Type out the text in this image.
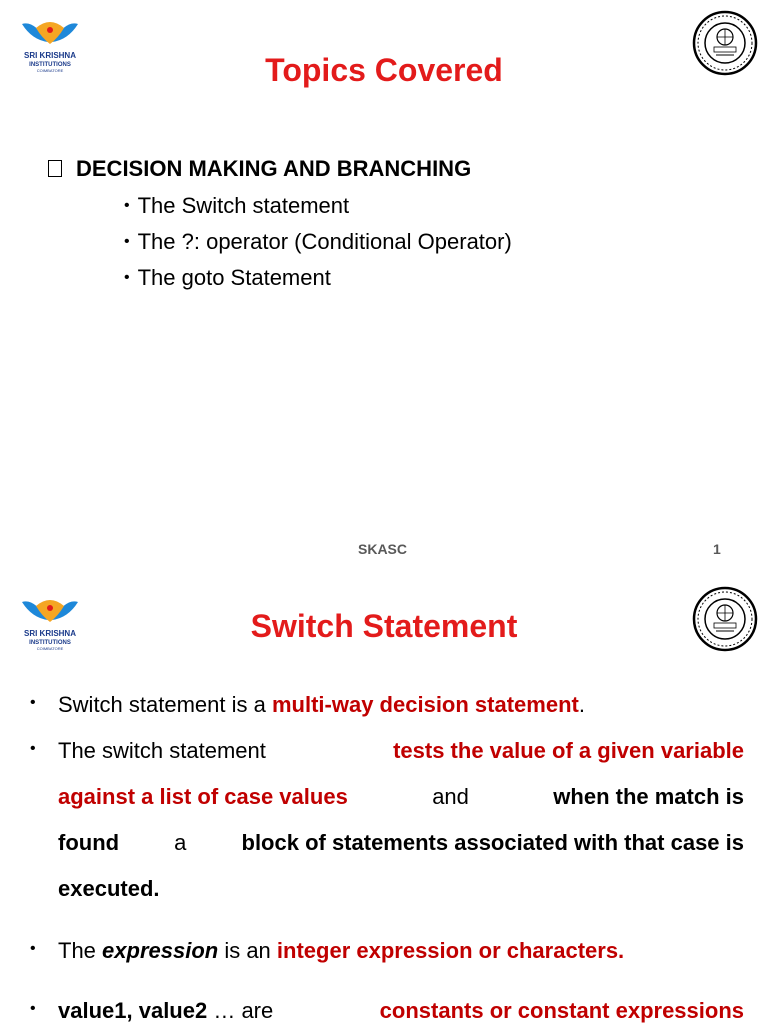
SRI KRISHNA
INSTITUTIONS
COIMBATORE	Topics Covered
DECISION MAKING AND BRANCHING
• The Switch statement
• The ?: operator (Conditional Operator)
• The goto Statement
SKASC	1
SRI KRISHNA
INSTITUTIONS
COIMBATORE
Switch Statement
• Switch statement is a multi-way decision statement.
• The switch statement	tests the value of a given variable
against a list of case values	and	when the match is
found	a	block of statements associated with that case is
executed.
• The expression is an integer expression or characters.
• value1, value2 … are	constants or constant expressions
